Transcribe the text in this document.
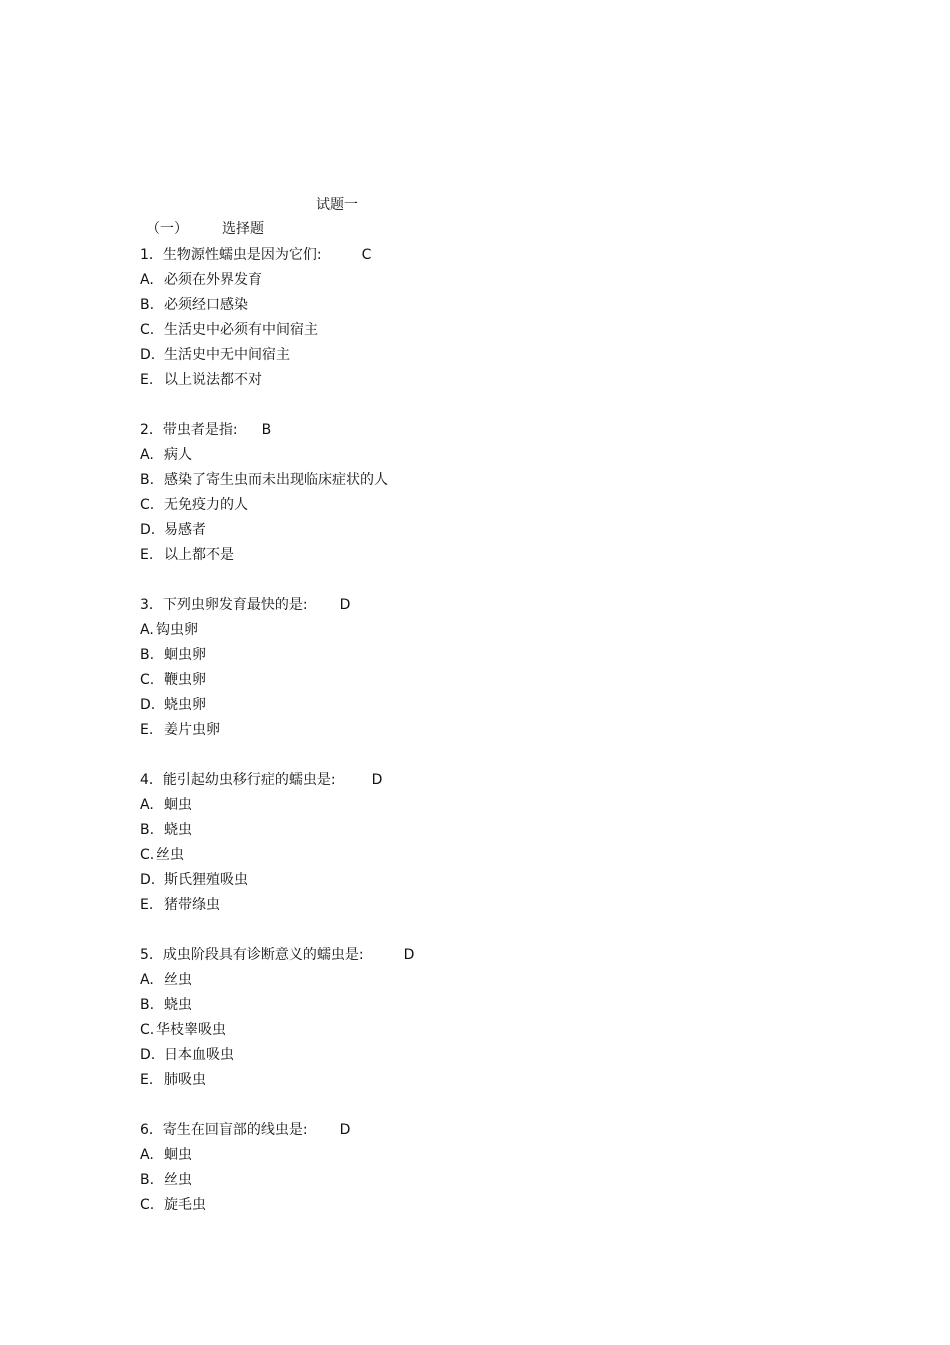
试题一
（一） 选择题
1．生物源性蠕虫是因为它们:	C
A. 必须在外界发育
B. 必须经口感染
C. 生活史中必须有中间宿主
D. 生活史中无中间宿主
E. 以上说法都不对
2．带虫者是指: B
A. 病人
B. 感染了寄生虫而未出现临床症状的人
C. 无免疫力的人
D. 易感者
E. 以上都不是
3．下列虫卵发育最快的是: D
A. 钩虫卵
B. 蛔虫卵
C. 鞭虫卵
D. 蛲虫卵
E. 姜片虫卵
4．能引起幼虫移行症的蠕虫是:	D
A. 蛔虫
B. 蛲虫
C. 丝虫
D. 斯氏狸殖吸虫
E. 猪带绦虫
5．成虫阶段具有诊断意义的蠕虫是:	D
A. 丝虫
B. 蛲虫
C. 华枝睾吸虫
D. 日本血吸虫
E. 肺吸虫
6．寄生在回盲部的线虫是: D
A. 蛔虫
B. 丝虫
C. 旋毛虫
